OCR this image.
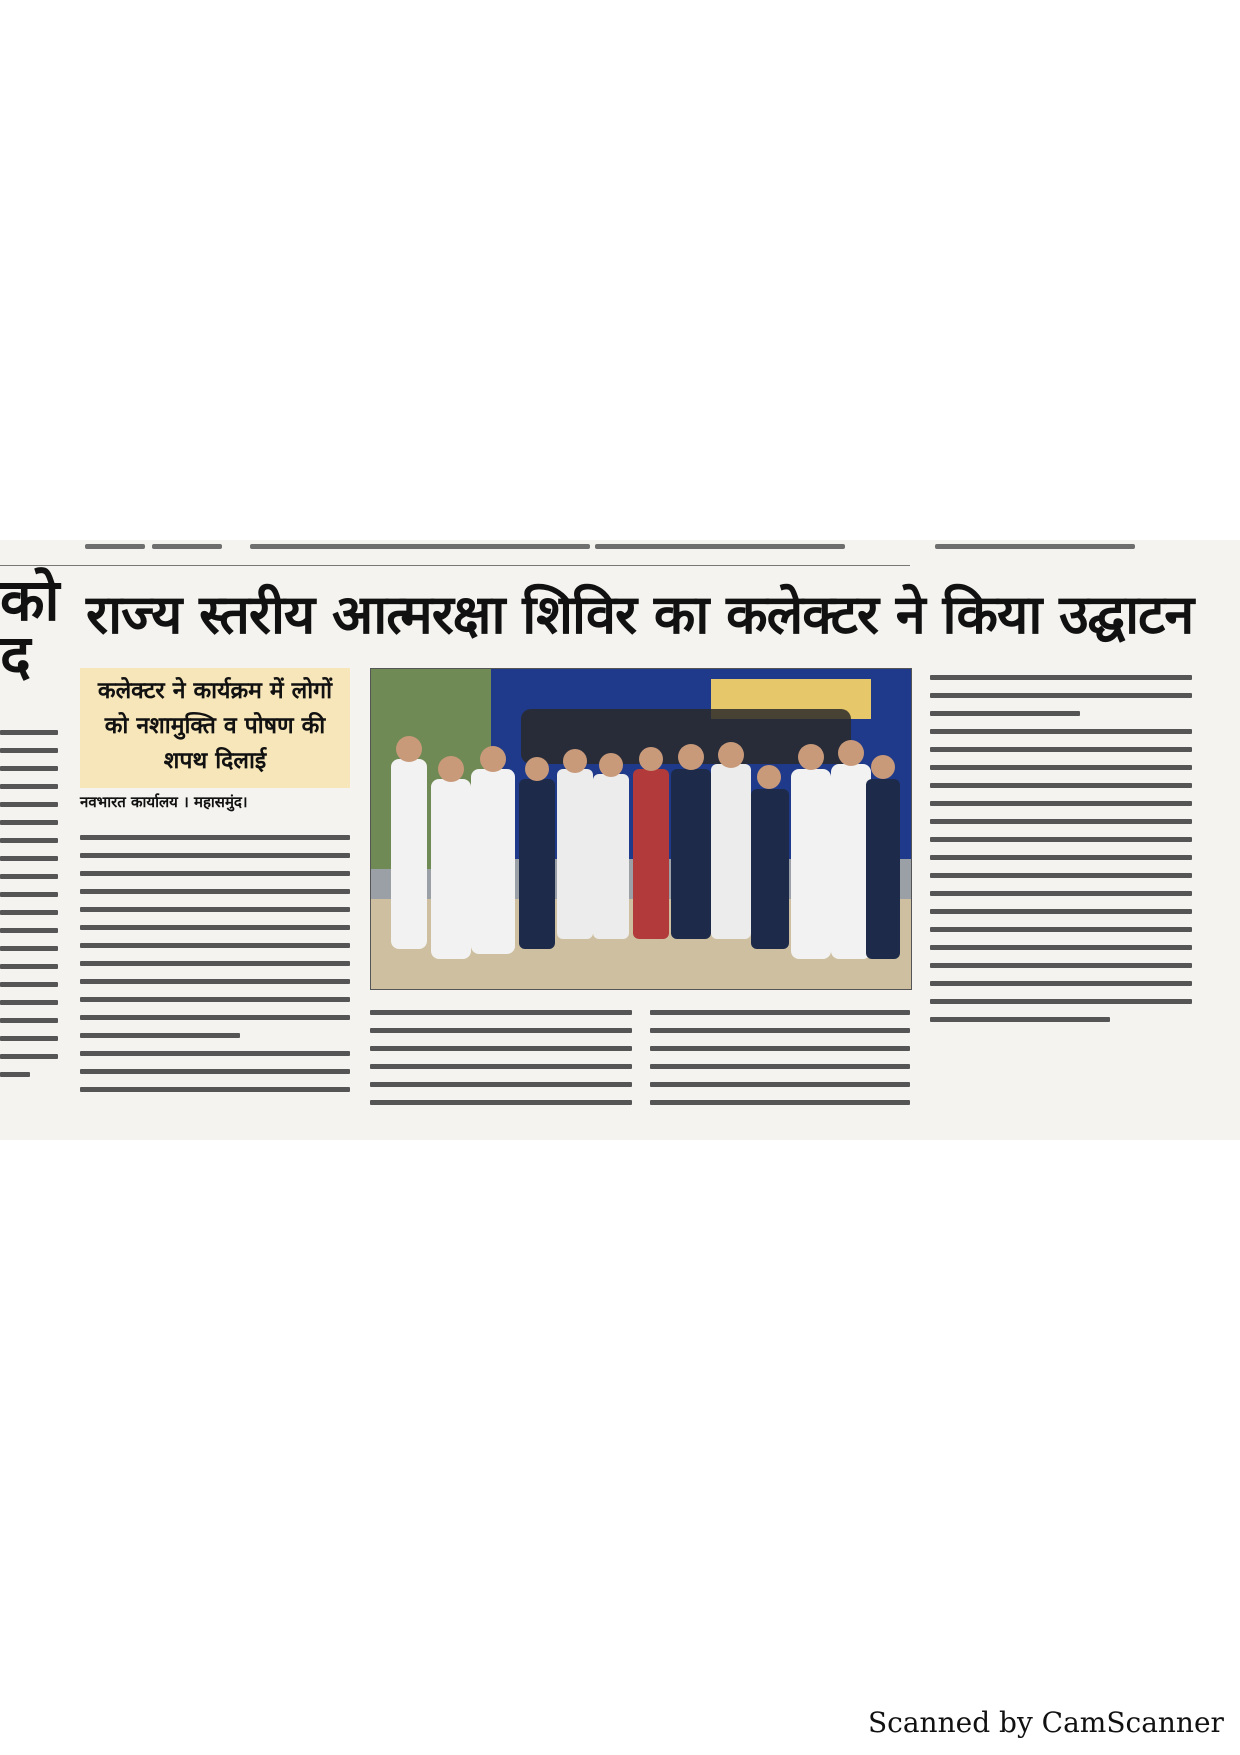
को
द
राज्य स्तरीय आत्मरक्षा शिविर का कलेक्टर ने किया उद्घाटन
कलेक्टर ने कार्यक्रम में लोगों को नशामुक्ति व पोषण की शपथ दिलाई
नवभारत कार्यालय । महासमुंद।
Scanned by CamScanner
